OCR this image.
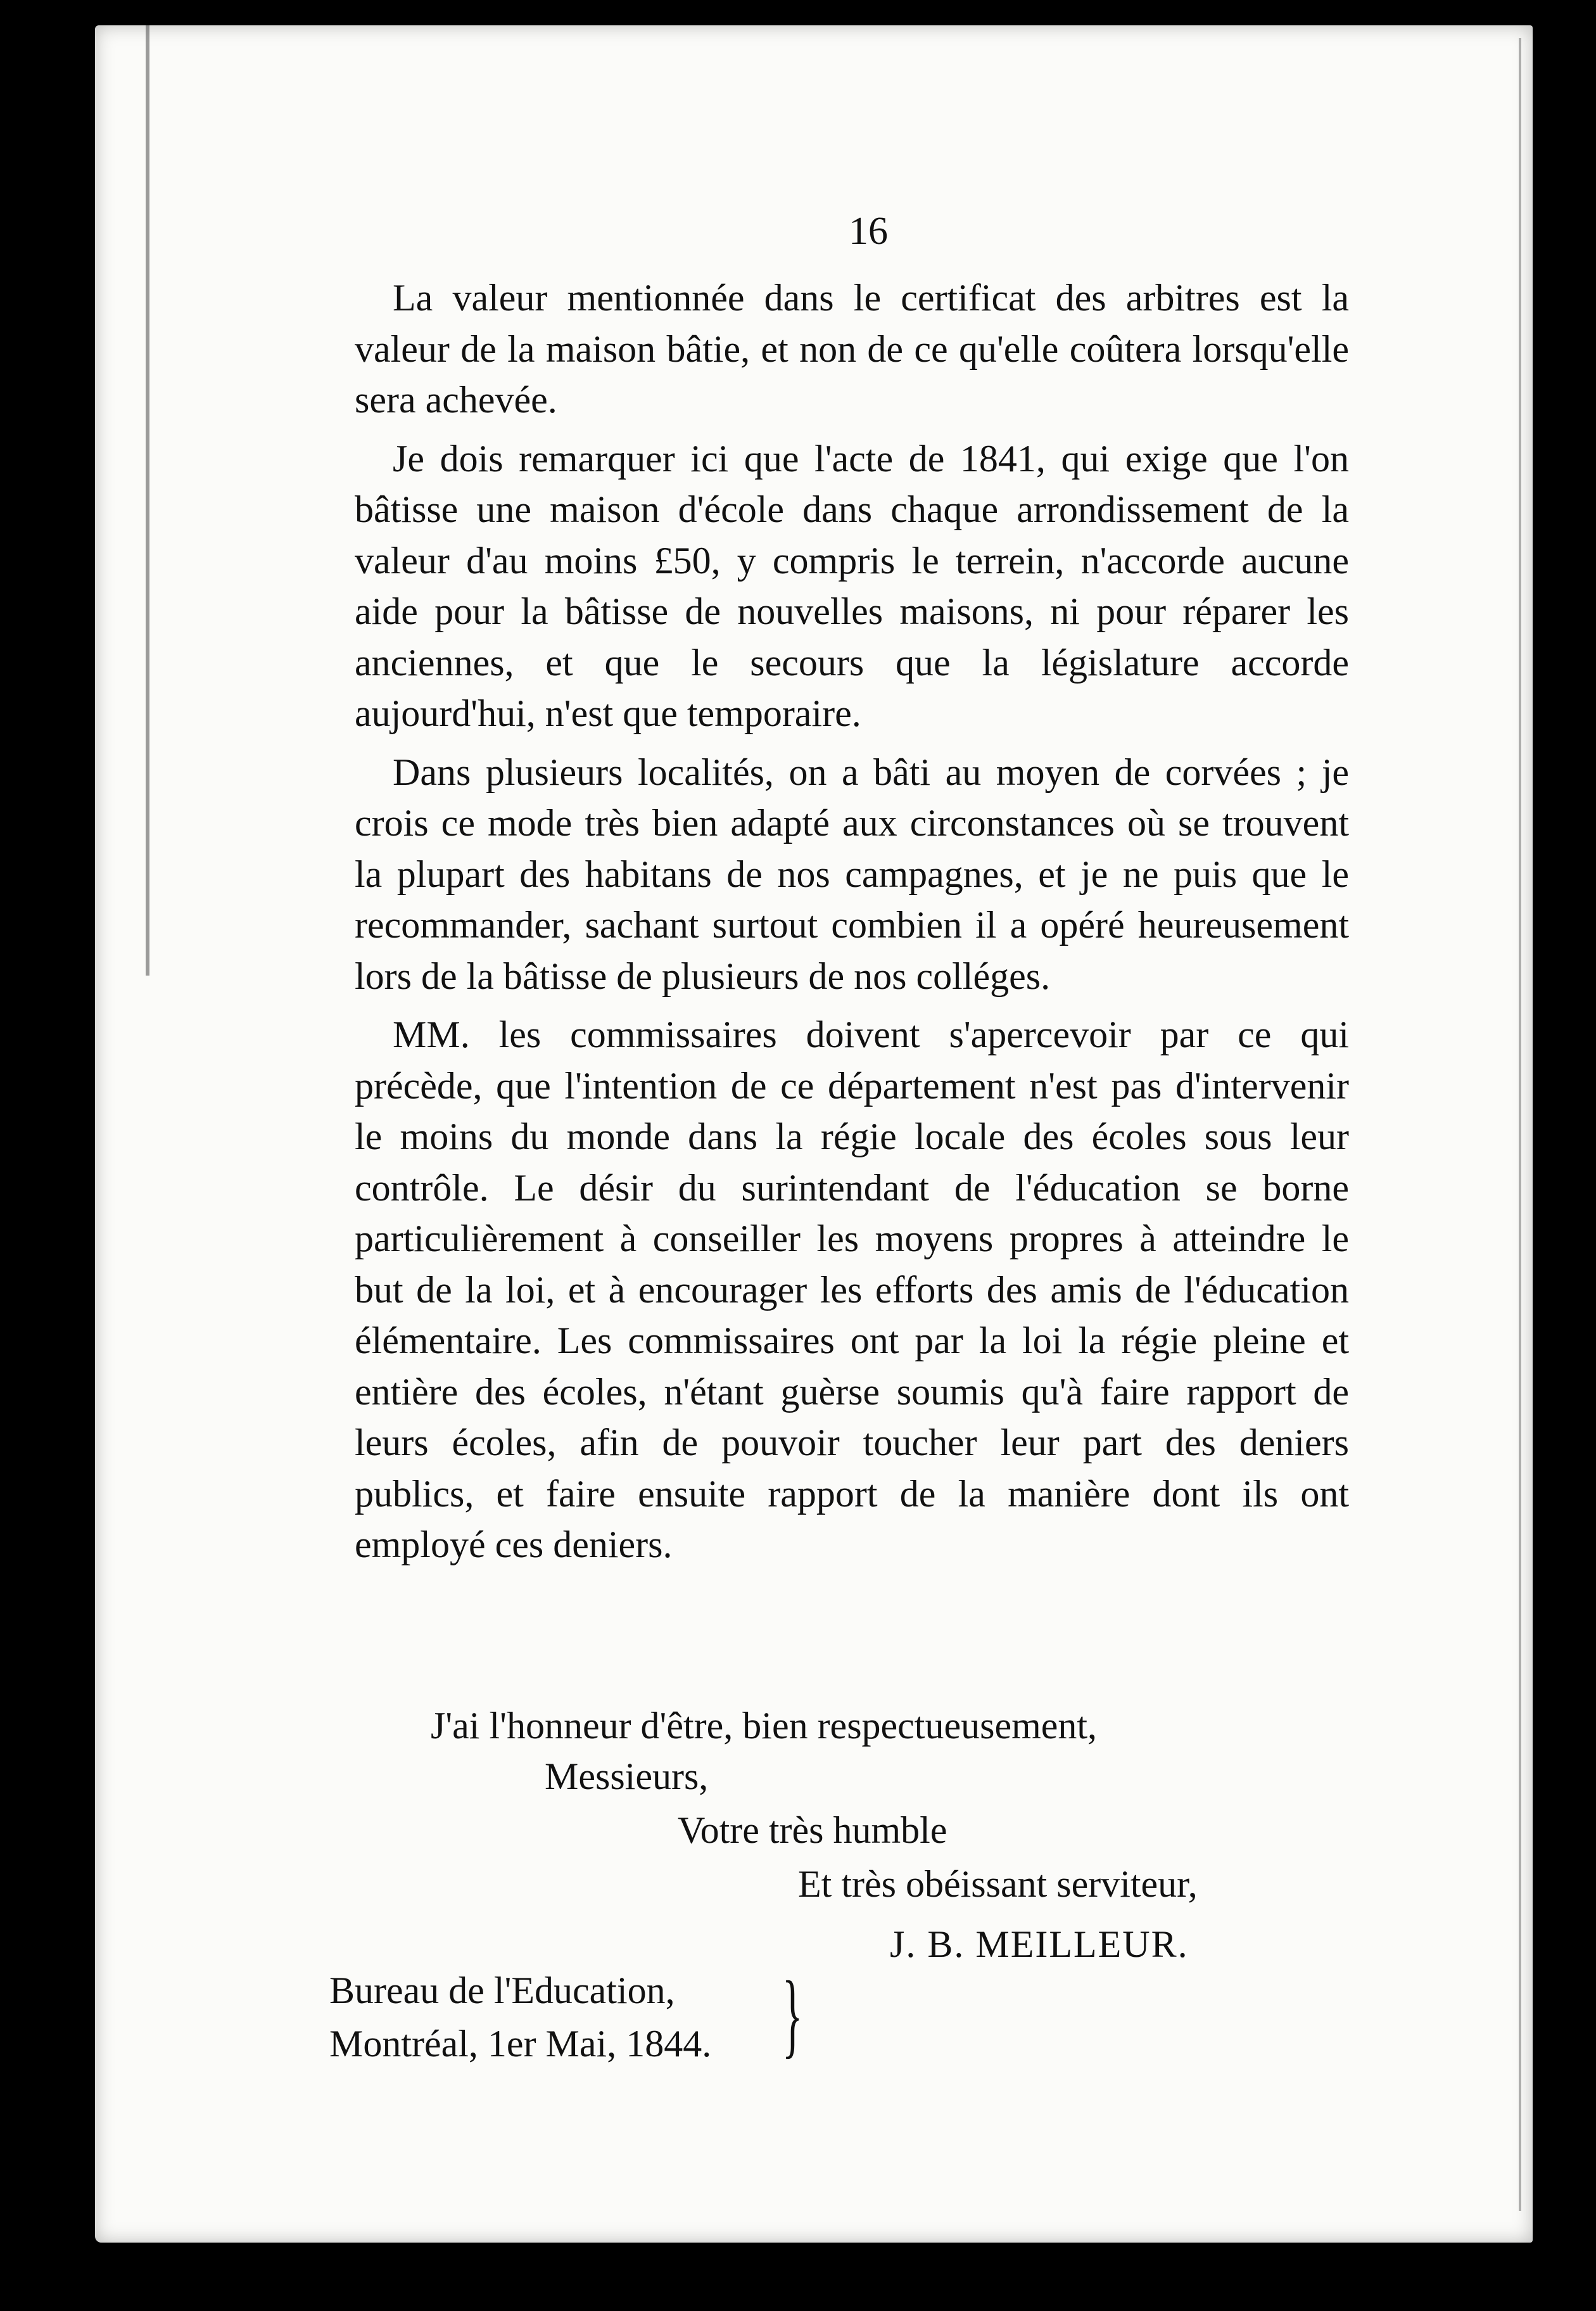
16

La valeur mentionnée dans le certificat des arbitres est la valeur de la maison bâtie, et non de ce qu'elle coûtera lorsqu'elle sera achevée.

Je dois remarquer ici que l'acte de 1841, qui exige que l'on bâtisse une maison d'école dans chaque arrondissement de la valeur d'au moins £50, y compris le terrein, n'accorde aucune aide pour la bâtisse de nouvelles maisons, ni pour réparer les anciennes, et que le secours que la législature accorde aujourd'hui, n'est que temporaire.

Dans plusieurs localités, on a bâti au moyen de corvées ; je crois ce mode très bien adapté aux circonstances où se trouvent la plupart des habitans de nos campagnes, et je ne puis que le recommander, sachant surtout combien il a opéré heureusement lors de la bâtisse de plusieurs de nos colléges.

MM. les commissaires doivent s'apercevoir par ce qui précède, que l'intention de ce département n'est pas d'intervenir le moins du monde dans la régie locale des écoles sous leur contrôle. Le désir du surintendant de l'éducation se borne particulièrement à conseiller les moyens propres à atteindre le but de la loi, et à encourager les efforts des amis de l'éducation élémentaire. Les commissaires ont par la loi la régie pleine et entière des écoles, n'étant guèrse soumis qu'à faire rapport de leurs écoles, afin de pouvoir toucher leur part des deniers publics, et faire ensuite rapport de la manière dont ils ont employé ces deniers.

J'ai l'honneur d'être, bien respectueusement,
Messieurs,
Votre très humble
Et très obéissant serviteur,
J. B. MEILLEUR.
Bureau de l'Education,
Montréal, 1er Mai, 1844. }
